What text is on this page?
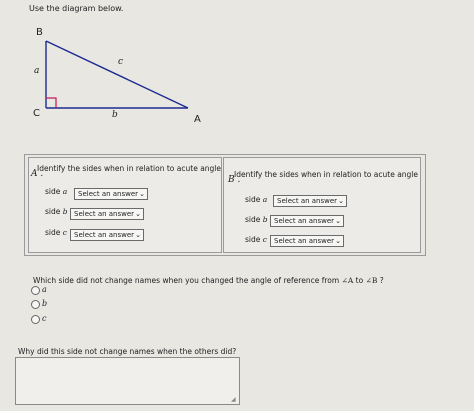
Use the diagram below.
B
C
A
a
b
c
Identify the sides when in relation to acute angle
A .
side a	Select an answer ⌄
side b Select an answer ⌄
side c	Select an answer ⌄
Identify the sides when in relation to acute angle
B .
side a	Select an answer ⌄
side b Select an answer ⌄
side c	Select an answer ⌄
Which side did not change names when you changed the angle of reference from ∠A to ∠B ?
a
b
c
Why did this side not change names when the others did?
◢
